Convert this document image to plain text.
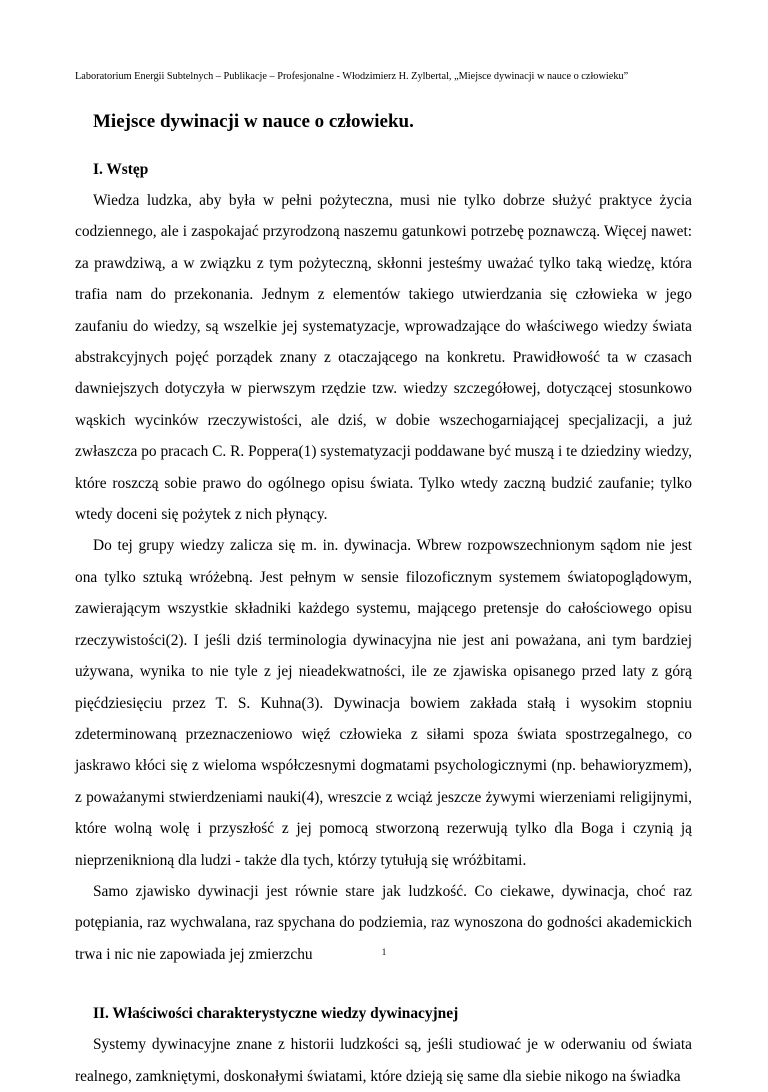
Laboratorium Energii Subtelnych – Publikacje – Profesjonalne - Włodzimierz H. Zylbertal, „Miejsce dywinacji w nauce o człowieku”
Miejsce dywinacji w nauce o człowieku.
I. Wstęp

Wiedza ludzka, aby była w pełni pożyteczna, musi nie tylko dobrze służyć praktyce życia codziennego, ale i zaspokajać przyrodzoną naszemu gatunkowi potrzebę poznawczą. Więcej nawet: za prawdziwą, a w związku z tym pożyteczną, skłonni jesteśmy uważać tylko taką wiedzę, która trafia nam do przekonania. Jednym z elementów takiego utwierdzania się człowieka w jego zaufaniu do wiedzy, są wszelkie jej systematyzacje, wprowadzające do właściwego wiedzy świata abstrakcyjnych pojęć porządek znany z otaczającego na konkretu. Prawidłowość ta w czasach dawniejszych dotyczyła w pierwszym rzędzie tzw. wiedzy szczegółowej, dotyczącej stosunkowo wąskich wycinków rzeczywistości, ale dziś, w dobie wszechogarniającej specjalizacji, a już zwłaszcza po pracach C. R. Poppera(1) systematyzacji poddawane być muszą i te dziedziny wiedzy, które roszczą sobie prawo do ogólnego opisu świata. Tylko wtedy zaczną budzić zaufanie; tylko wtedy doceni się pożytek z nich płynący.

Do tej grupy wiedzy zalicza się m. in. dywinacja. Wbrew rozpowszechnionym sądom nie jest ona tylko sztuką wróżebną. Jest pełnym w sensie filozoficznym systemem światopoglądowym, zawierającym wszystkie składniki każdego systemu, mającego pretensje do całościowego opisu rzeczywistości(2). I jeśli dziś terminologia dywinacyjna nie jest ani poważana, ani tym bardziej używana, wynika to nie tyle z jej nieadekwatności, ile ze zjawiska opisanego przed laty z górą pięćdziesięciu przez T. S. Kuhna(3). Dywinacja bowiem zakłada stałą i wysokim stopniu zdeterminowaną przeznaczeniowo więź człowieka z siłami spoza świata spostrzegalnego, co jaskrawo kłóci się z wieloma współczesnymi dogmatami psychologicznymi (np. behawioryzmem), z poważanymi stwierdzeniami nauki(4), wreszcie z wciąż jeszcze żywymi wierzeniami religijnymi, które wolną wolę i przyszłość z jej pomocą stworzoną rezerwują tylko dla Boga i czynią ją nieprzeniknioną dla ludzi - także dla tych, którzy tytułują się wróżbitami.

Samo zjawisko dywinacji jest równie stare jak ludzkość. Co ciekawe, dywinacja, choć raz potępiania, raz wychwalana, raz spychana do podziemia, raz wynoszona do godności akademickich trwa i nic nie zapowiada jej zmierzchu

II. Właściwości charakterystyczne wiedzy dywinacyjnej

Systemy dywinacyjne znane z historii ludzkości są, jeśli studiować je w oderwaniu od świata realnego, zamkniętymi, doskonałymi światami, które dzieją się same dla siebie nikogo na świadka

1
